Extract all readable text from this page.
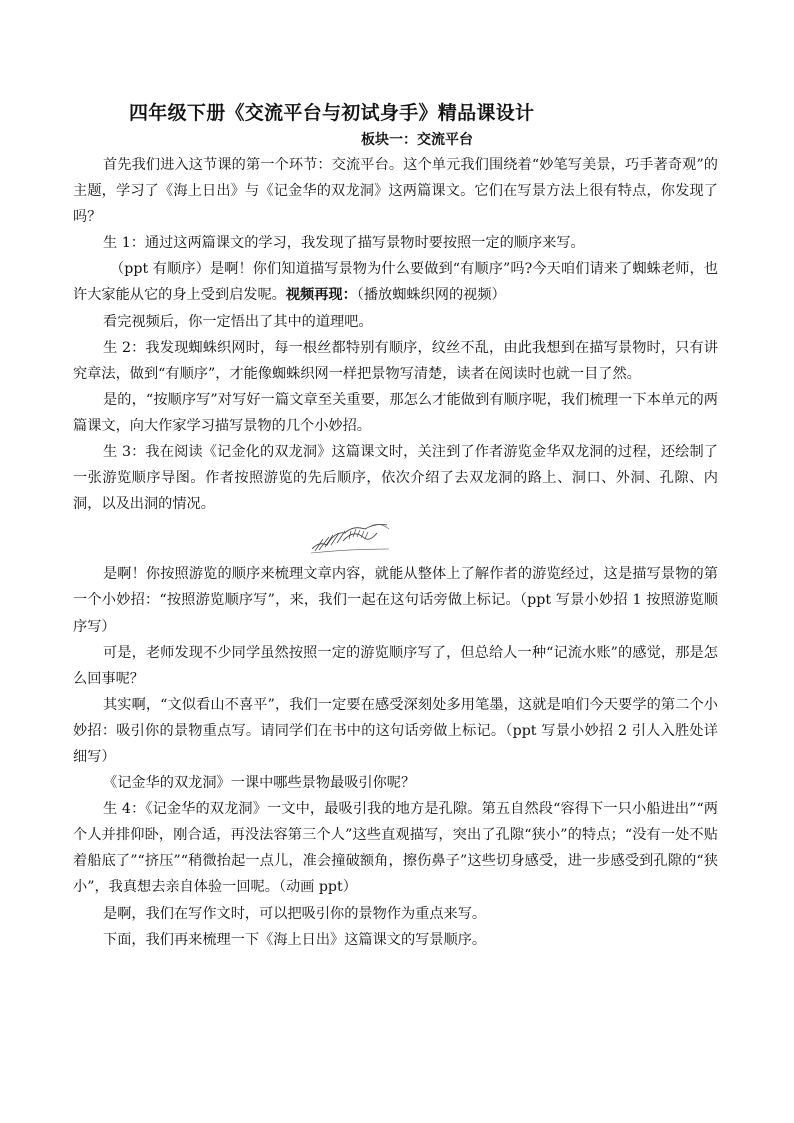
四年级下册《交流平台与初试身手》精品课设计
板块一：交流平台

首先我们进入这节课的第一个环节：交流平台。这个单元我们围绕着“妙笔写美景，巧手著奇观”的主题，学习了《海上日出》与《记金华的双龙洞》这两篇课文。它们在写景方法上很有特点，你发现了吗？

生 1：通过这两篇课文的学习，我发现了描写景物时要按照一定的顺序来写。

（ppt 有顺序）是啊！你们知道描写景物为什么要做到“有顺序”吗?今天咱们请来了蜘蛛老师，也许大家能从它的身上受到启发呢。视频再现：（播放蜘蛛织网的视频）

看完视频后，你一定悟出了其中的道理吧。

生 2：我发现蜘蛛织网时，每一根丝都特别有顺序，纹丝不乱，由此我想到在描写景物时，只有讲究章法，做到“有顺序”，才能像蜘蛛织网一样把景物写清楚，读者在阅读时也就一目了然。

是的，“按顺序写”对写好一篇文章至关重要，那怎么才能做到有顺序呢，我们梳理一下本单元的两篇课文，向大作家学习描写景物的几个小妙招。

生 3：我在阅读《记金化的双龙洞》这篇课文时，关注到了作者游览金华双龙洞的过程，还绘制了一张游览顺序导图。作者按照游览的先后顺序，依次介绍了去双龙洞的路上、洞口、外洞、孔隙、内洞，以及出洞的情况。

是啊！你按照游览的顺序来梳理文章内容，就能从整体上了解作者的游览经过，这是描写景物的第一个小妙招：“按照游览顺序写”，来，我们一起在这句话旁做上标记。（ppt 写景小妙招 1 按照游览顺序写）

可是，老师发现不少同学虽然按照一定的游览顺序写了，但总给人一种“记流水账”的感觉，那是怎么回事呢？

其实啊，“文似看山不喜平”，我们一定要在感受深刻处多用笔墨，这就是咱们今天要学的第二个小妙招：吸引你的景物重点写。请同学们在书中的这句话旁做上标记。（ppt 写景小妙招 2 引人入胜处详细写）

《记金华的双龙洞》一课中哪些景物最吸引你呢？

生 4：《记金华的双龙洞》一文中，最吸引我的地方是孔隙。第五自然段“容得下一只小船进出”“两个人并排仰卧，刚合适，再没法容第三个人”这些直观描写，突出了孔隙“狭小”的特点；“没有一处不贴着船底了”“挤压”“稍微抬起一点儿，准会撞破额角，擦伤鼻子”这些切身感受，进一步感受到孔隙的“狭小”，我真想去亲自体验一回呢。（动画 ppt）

是啊，我们在写作文时，可以把吸引你的景物作为重点来写。

下面，我们再来梳理一下《海上日出》这篇课文的写景顺序。
